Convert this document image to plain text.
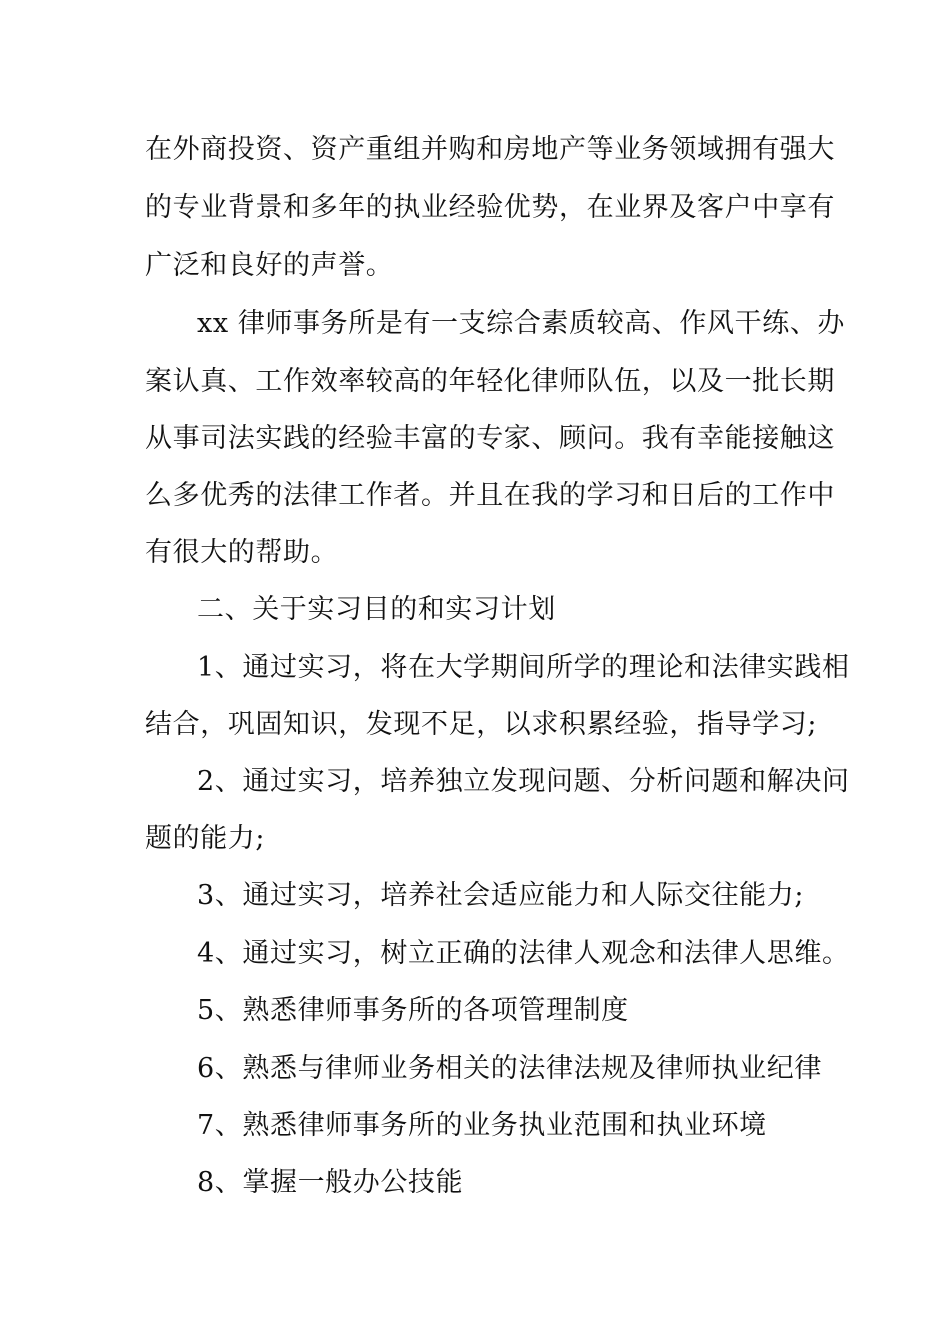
在外商投资、资产重组并购和房地产等业务领域拥有强大
的专业背景和多年的执业经验优势，在业界及客户中享有
广泛和良好的声誉。
xx 律师事务所是有一支综合素质较高、作风干练、办
案认真、工作效率较高的年轻化律师队伍，以及一批长期
从事司法实践的经验丰富的专家、顾问。我有幸能接触这
么多优秀的法律工作者。并且在我的学习和日后的工作中
有很大的帮助。
二、关于实习目的和实习计划
1、通过实习，将在大学期间所学的理论和法律实践相
结合，巩固知识，发现不足，以求积累经验，指导学习;
2、通过实习，培养独立发现问题、分析问题和解决问
题的能力;
3、通过实习，培养社会适应能力和人际交往能力;
4、通过实习，树立正确的法律人观念和法律人思维。
5、熟悉律师事务所的各项管理制度
6、熟悉与律师业务相关的法律法规及律师执业纪律
7、熟悉律师事务所的业务执业范围和执业环境
8、掌握一般办公技能
